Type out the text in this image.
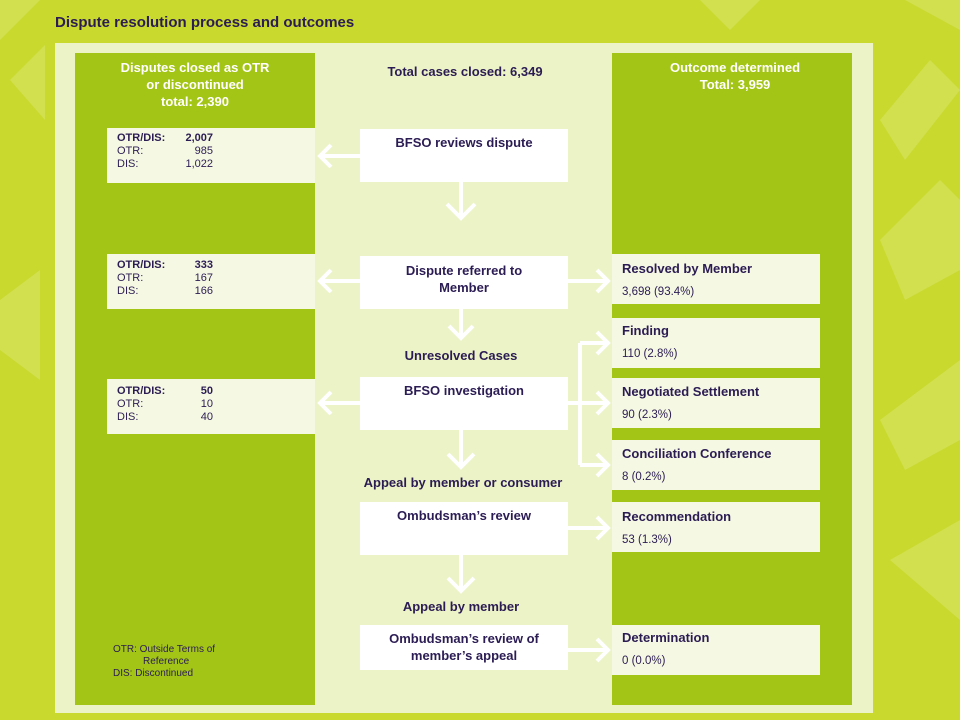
Dispute resolution process and outcomes
Disputes closed as OTR
or discontinued
total: 2,390
OTR/DIS:	2,007
OTR:	985
DIS:	1,022
OTR/DIS:	333
OTR:	167
DIS:	166
OTR/DIS:	50
OTR:	10
DIS:	40
OTR: Outside Terms of
Reference
DIS: Discontinued
Total cases closed: 6,349
BFSO reviews dispute
Dispute referred to
Member
Unresolved Cases
BFSO investigation
Appeal by member or consumer
Ombudsman’s review
Appeal by member
Ombudsman’s review of
member’s appeal
Outcome determined
Total: 3,959
Resolved by Member
3,698 (93.4%)
Finding
110 (2.8%)
Negotiated Settlement
90 (2.3%)
Conciliation Conference
8 (0.2%)
Recommendation
53 (1.3%)
Determination
0 (0.0%)
